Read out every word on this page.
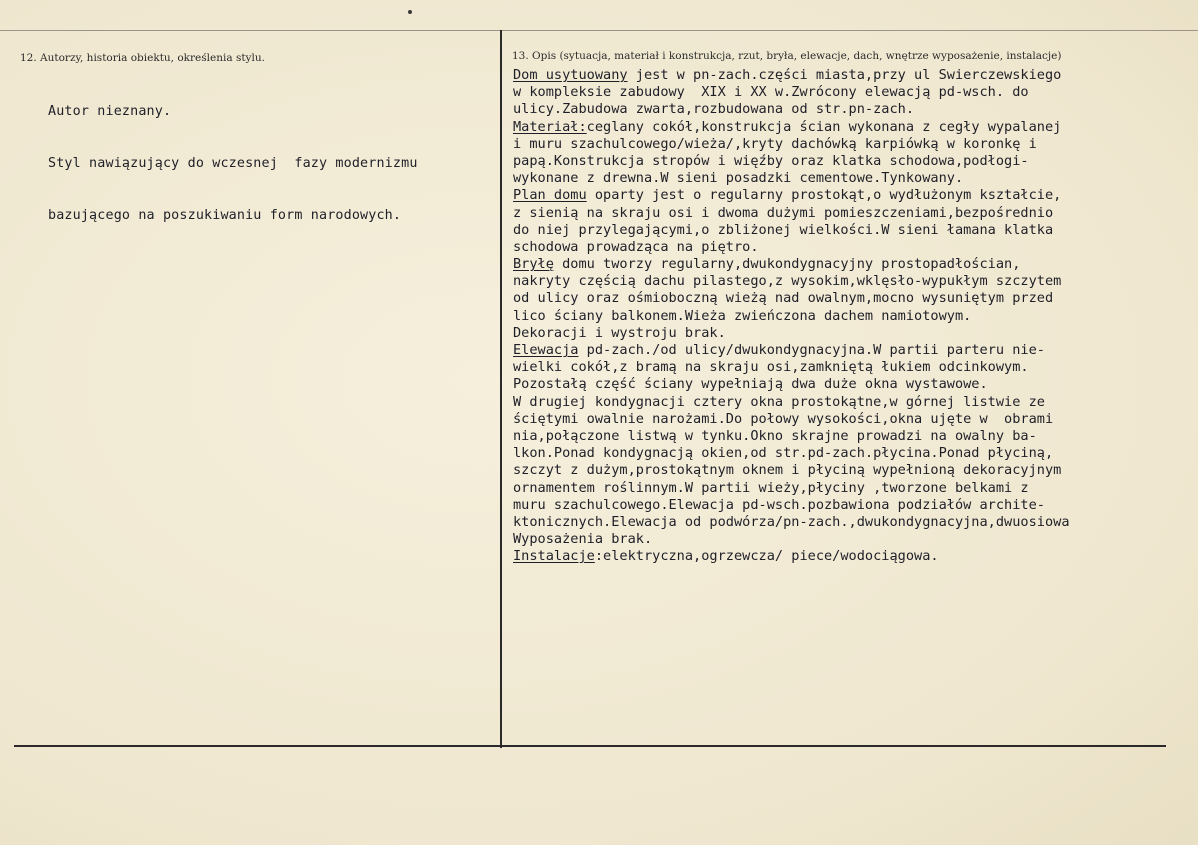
12. Autorzy, historia obiektu, określenia stylu.

Autor nieznany.

Styl nawiązujący do wczesnej  fazy modernizmu

bazującego na poszukiwaniu form narodowych.

13. Opis (sytuacja, materiał i konstrukcja, rzut, bryła, elewacje, dach, wnętrze wyposażenie, instalacje)
Dom usytuowany jest w pn-zach.części miasta,przy ul Swierczewskiego
w kompleksie zabudowy  XIX i XX w.Zwrócony elewacją pd-wsch. do
ulicy.Zabudowa zwarta,rozbudowana od str.pn-zach.
Materiał:ceglany cokół,konstrukcja ścian wykonana z cegły wypalanej
i muru szachulcowego/wieża/,kryty dachówką karpiówką w koronkę i
papą.Konstrukcja stropów i więźby oraz klatka schodowa,podłogi-
wykonane z drewna.W sieni posadzki cementowe.Tynkowany.
Plan domu oparty jest o regularny prostokąt,o wydłużonym kształcie,
z sienią na skraju osi i dwoma dużymi pomieszczeniami,bezpośrednio
do niej przylegającymi,o zbliżonej wielkości.W sieni łamana klatka
schodowa prowadząca na piętro.
Bryłę domu tworzy regularny,dwukondygnacyjny prostopadłościan,
nakryty częścią dachu pilastego,z wysokim,wklęsło-wypukłym szczytem
od ulicy oraz ośmioboczną wieżą nad owalnym,mocno wysuniętym przed
lico ściany balkonem.Wieża zwieńczona dachem namiotowym.
Dekoracji i wystroju brak.
Elewacja pd-zach./od ulicy/dwukondygnacyjna.W partii parteru nie-
wielki cokół,z bramą na skraju osi,zamkniętą łukiem odcinkowym.
Pozostałą część ściany wypełniają dwa duże okna wystawowe.
W drugiej kondygnacji cztery okna prostokątne,w górnej listwie ze
ściętymi owalnie narożami.Do połowy wysokości,okna ujęte w  obrami
nia,połączone listwą w tynku.Okno skrajne prowadzi na owalny ba-
lkon.Ponad kondygnacją okien,od str.pd-zach.płycina.Ponad płyciną,
szczyt z dużym,prostokątnym oknem i płyciną wypełnioną dekoracyjnym
ornamentem roślinnym.W partii wieży,płyciny ,tworzone belkami z
muru szachulcowego.Elewacja pd-wsch.pozbawiona podziałów archite-
ktonicznych.Elewacja od podwórza/pn-zach.,dwukondygnacyjna,dwuosiowa
Wyposażenia brak.
Instalacje:elektryczna,ogrzewcza/ piece/wodociągowa.
